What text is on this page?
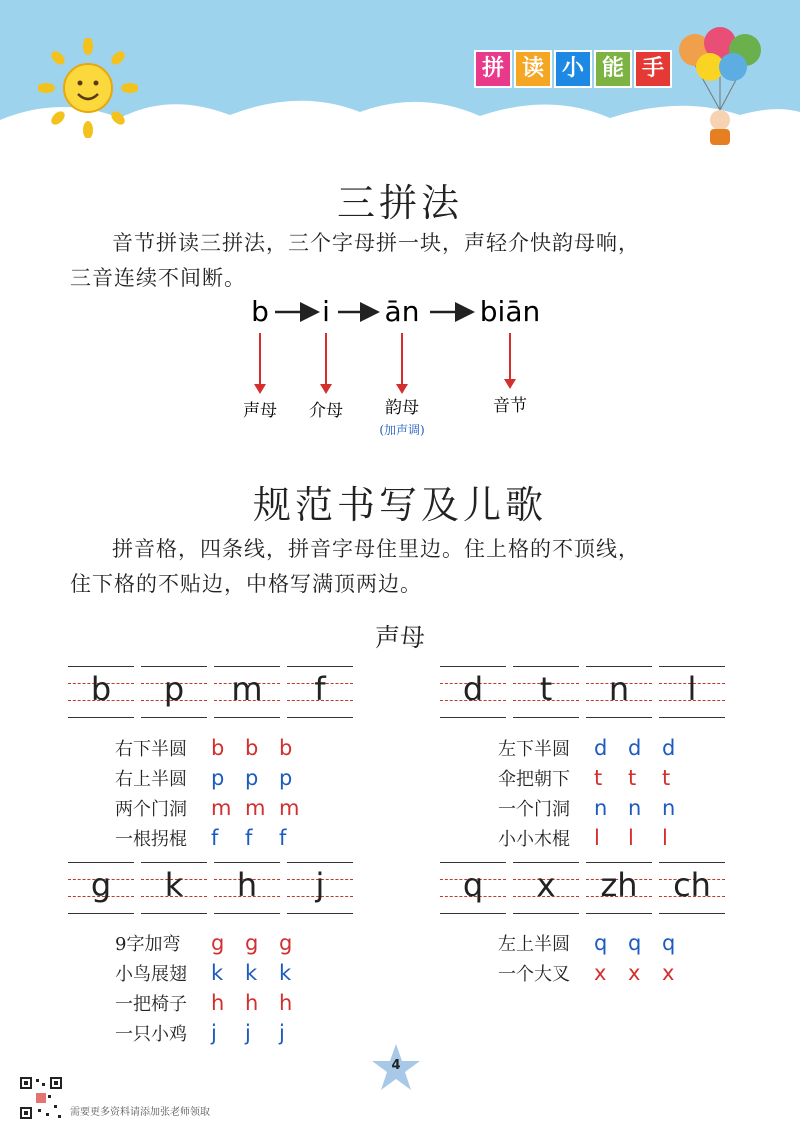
拼 读 小 能 手
三拼法
音节拼读三拼法，三个字母拼一块，声轻介快韵母响，
三音连续不间断。
b i ān biān
声母 介母 韵母
(加声调)
音节
规范书写及儿歌
拼音格，四条线，拼音字母住里边。住上格的不顶线，
住下格的不贴边，中格写满顶两边。
声母
b	p	m	f	d	t	n	l
g	k	h	j	q	x	zh	ch
右下半圆 b b b
右上半圆 p p p
两个门洞 m m m
一根拐棍 f f f
左下半圆 d d d
伞把朝下 t t t
一个门洞 n n n
小小木棍 l l l
9字加弯 g g g
小鸟展翅 k k k
一把椅子 h h h
一只小鸡 j j j
左上半圆 q q q
一个大叉 x x x
4
需要更多资料请添加张老师领取
